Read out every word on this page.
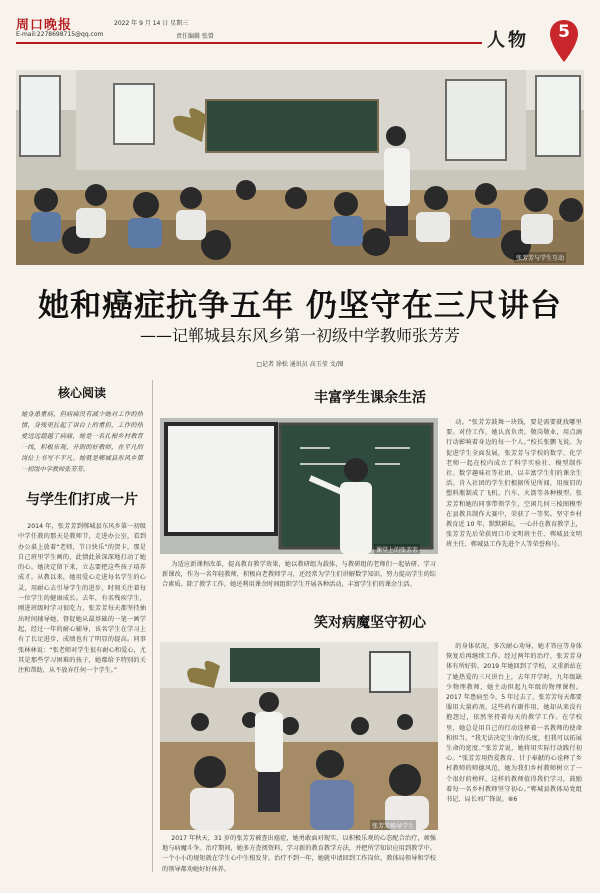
周口晚报
E-mail:2278698715@qq.com
2022 年 9 月 14 日 星期三
责任编辑 张曾	人物	5
张芳芳与学生互动
她和癌症抗争五年 仍坚守在三尺讲台
——记郸城县东风乡第一初级中学教师张芳芳
□记者 徐松 通讯员 高玉莹 文/图
核心阅读

她身患重病，但病痛没有减少她对工作的热情，身残更扛起了讲台上的重担，工作的热爱远远超越了病痛，她是一名扎根乡村教育一线，积极乐观、开朗的好教师，在平凡的岗位上书写不平凡。她就是郸城县东风乡第一初级中学教师张芳芳。

与学生们打成一片

2014 年，张芳芳到郸城县东风乡第一初级中学任教的那天是教师节，走进办公室，看到办公桌上放着“老师，节日快乐”的贺卡，那是自己班里学生画的，此情此景深深地打动了她的心。她决定留下来，立志要把这些孩子培养成才。从教以来，她用爱心走进每名学生的心灵，用耐心去引导学生的进步，时刻关注着每一位学生的健康成长。去年，有名残疾学生，刚进班级时学习很吃力，张芳芳每天都坚持抽出时间辅导她，督促她从最基础的一笔一画学起，经过一年的耐心辅导，该名学生在学习上有了长足进步，成绩也有了明显的提高。同事张林林说：“张老师对学生很有耐心和爱心，尤其是那些学习困难的孩子，她都给予特别的关注和帮助，从不放弃任何一个学生。”

丰富学生课余生活
课堂上的张芳芳

为适应新课程改革，提高教育教学效果，她以教研组为载体，与教研组的老师们一起钻研、学习新课改，作为一名年轻教师，积极向老教师学习，还经常为学生们讲解数学知识，努力提高学生的综合素质。除了教学工作，她还利用课余时间组织学生开展各种活动，丰富学生们的课余生活。

动。“张芳芳鼓舞一块钱，要是需要就找哪里要。对待工作，她认真负责，敬岗敬业，用点滴行动影响着身边的每一个人。”校长张鹏飞说。为促进学生全面发展，张芳芳与学校的数学、化学老师一起在校内成立了科学实验社、模型制作社、数学趣味社等社团，以丰富学生们的课余生活。肯入社团的学生们根据所见所闻，用废旧的塑料瓶制成了飞机、汽车、火箭等各种模型。张芳芳和她的同事带领学生，空闲几何三棱图模型在县教具制作大赛中，荣获了一等奖。坚守乡村教育近 10 年，默默耕耘，一心扑在教育教学上，张芳芳先后荣获周口市文明班主任、郸城县文明班主任、郸城县工作先进个人等荣誉称号。

笑对病魔坚守初心
张芳芳辅导学生

2017 年秋天，31 岁的张芳芳被查出癌症，她勇敢面对现实，以积极乐观的心态配合治疗，顽强地与病魔斗争。治疗期间，她多方查阅资料，学习新的教育教学方法，并把所学知识应用到教学中。一个小小的规矩就在学生心中生根发芽。治疗不到一年，她就申请回到工作岗位，教体局领导和学校的领导都劝她好好休养。

的身体状况，多次耐心劝导，她才答应等身体恢复后再继续工作。经过两年的治疗，张芳芳身体有所好转，2019 年她回到了学校，又重新站在了她热爱的三尺讲台上，去年开学时，九年级缺少物理教师，她主动担起九年级的物理课程。2017 年患病至今，5 年过去了，张芳芳每天都要服用大量药剂，这些药有副作用，她却从来没有抱怨过，依然坚持着每天的教学工作。在学校里，她总是用自己的行动诠释着一名教师的使命和担当。“我无法决定生命的长度，但我可以拓展生命的宽度。”张芳芳说，她将用实际行动践行初心。“张芳芳用热爱教育、甘于奉献的心诠释了乡村教师的师德风范，她为我们乡村教师树立了一个很好的榜样，这样的教师值得我们学习，鼓励着每一名乡村教师坚守初心。”郸城县教体局党组书记、局长刘广锋说。⑥6
